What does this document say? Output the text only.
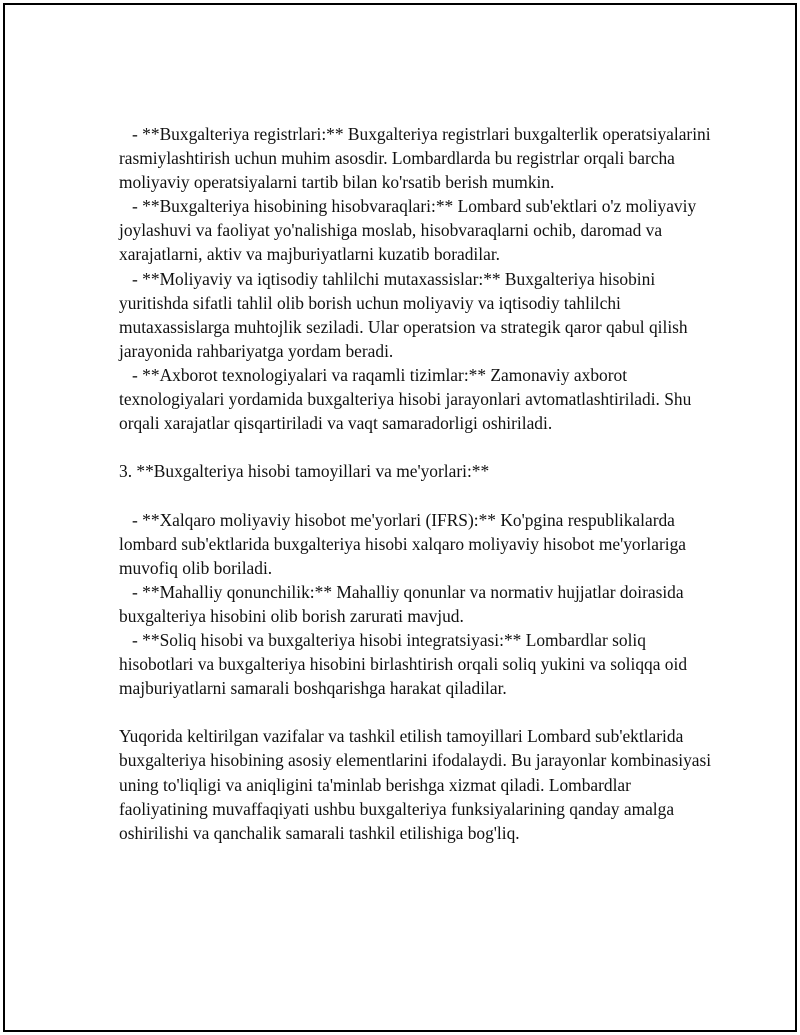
- **Buxgalteriya registrlari:** Buxgalteriya registrlari buxgalterlik operatsiyalarini rasmiylashtirish uchun muhim asosdir. Lombardlarda bu registrlar orqali barcha moliyaviy operatsiyalarni tartib bilan ko'rsatib berish mumkin.

- **Buxgalteriya hisobining hisobvaraqlari:** Lombard sub'ektlari o'z moliyaviy joylashuvi va faoliyat yo'nalishiga moslab, hisobvaraqlarni ochib, daromad va xarajatlarni, aktiv va majburiyatlarni kuzatib boradilar.

- **Moliyaviy va iqtisodiy tahlilchi mutaxassislar:** Buxgalteriya hisobini yuritishda sifatli tahlil olib borish uchun moliyaviy va iqtisodiy tahlilchi mutaxassislarga muhtojlik seziladi. Ular operatsion va strategik qaror qabul qilish jarayonida rahbariyatga yordam beradi.

- **Axborot texnologiyalari va raqamli tizimlar:** Zamonaviy axborot texnologiyalari yordamida buxgalteriya hisobi jarayonlari avtomatlashtiriladi. Shu orqali xarajatlar qisqartiriladi va vaqt samaradorligi oshiriladi.

3. **Buxgalteriya hisobi tamoyillari va me'yorlari:**

- **Xalqaro moliyaviy hisobot me'yorlari (IFRS):** Ko'pgina respublikalarda lombard sub'ektlarida buxgalteriya hisobi xalqaro moliyaviy hisobot me'yorlariga muvofiq olib boriladi.

- **Mahalliy qonunchilik:** Mahalliy qonunlar va normativ hujjatlar doirasida buxgalteriya hisobini olib borish zarurati mavjud.

- **Soliq hisobi va buxgalteriya hisobi integratsiyasi:** Lombardlar soliq hisobotlari va buxgalteriya hisobini birlashtirish orqali soliq yukini va soliqqa oid majburiyatlarni samarali boshqarishga harakat qiladilar.

Yuqorida keltirilgan vazifalar va tashkil etilish tamoyillari Lombard sub'ektlarida buxgalteriya hisobining asosiy elementlarini ifodalaydi. Bu jarayonlar kombinasiyasi uning to'liqligi va aniqligini ta'minlab berishga xizmat qiladi. Lombardlar faoliyatining muvaffaqiyati ushbu buxgalteriya funksiyalarining qanday amalga oshirilishi va qanchalik samarali tashkil etilishiga bog'liq.
